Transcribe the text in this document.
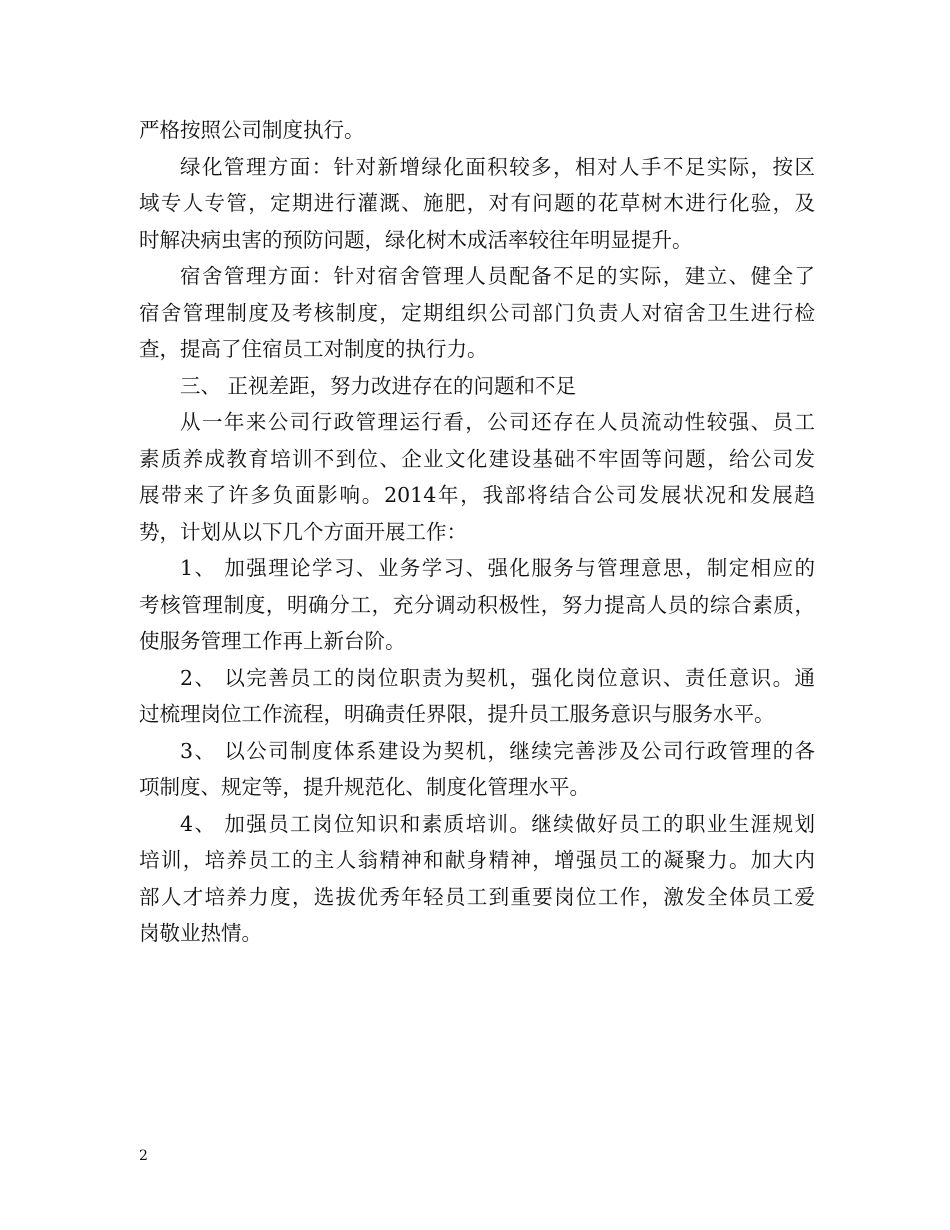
严格按照公司制度执行。
绿化管理方面：针对新增绿化面积较多，相对人手不足实际，按区
域专人专管，定期进行灌溉、施肥，对有问题的花草树木进行化验，及
时解决病虫害的预防问题，绿化树木成活率较往年明显提升。
宿舍管理方面：针对宿舍管理人员配备不足的实际，建立、健全了
宿舍管理制度及考核制度，定期组织公司部门负责人对宿舍卫生进行检
查，提高了住宿员工对制度的执行力。
三、 正视差距，努力改进存在的问题和不足
从一年来公司行政管理运行看，公司还存在人员流动性较强、员工
素质养成教育培训不到位、企业文化建设基础不牢固等问题，给公司发
展带来了许多负面影响。2014年，我部将结合公司发展状况和发展趋
势，计划从以下几个方面开展工作：
1、 加强理论学习、业务学习、强化服务与管理意思，制定相应的
考核管理制度，明确分工，充分调动积极性，努力提高人员的综合素质，
使服务管理工作再上新台阶。
2、 以完善员工的岗位职责为契机，强化岗位意识、责任意识。通
过梳理岗位工作流程，明确责任界限，提升员工服务意识与服务水平。
3、 以公司制度体系建设为契机，继续完善涉及公司行政管理的各
项制度、规定等，提升规范化、制度化管理水平。
4、 加强员工岗位知识和素质培训。继续做好员工的职业生涯规划
培训，培养员工的主人翁精神和献身精神，增强员工的凝聚力。加大内
部人才培养力度，选拔优秀年轻员工到重要岗位工作，激发全体员工爱
岗敬业热情。
2
